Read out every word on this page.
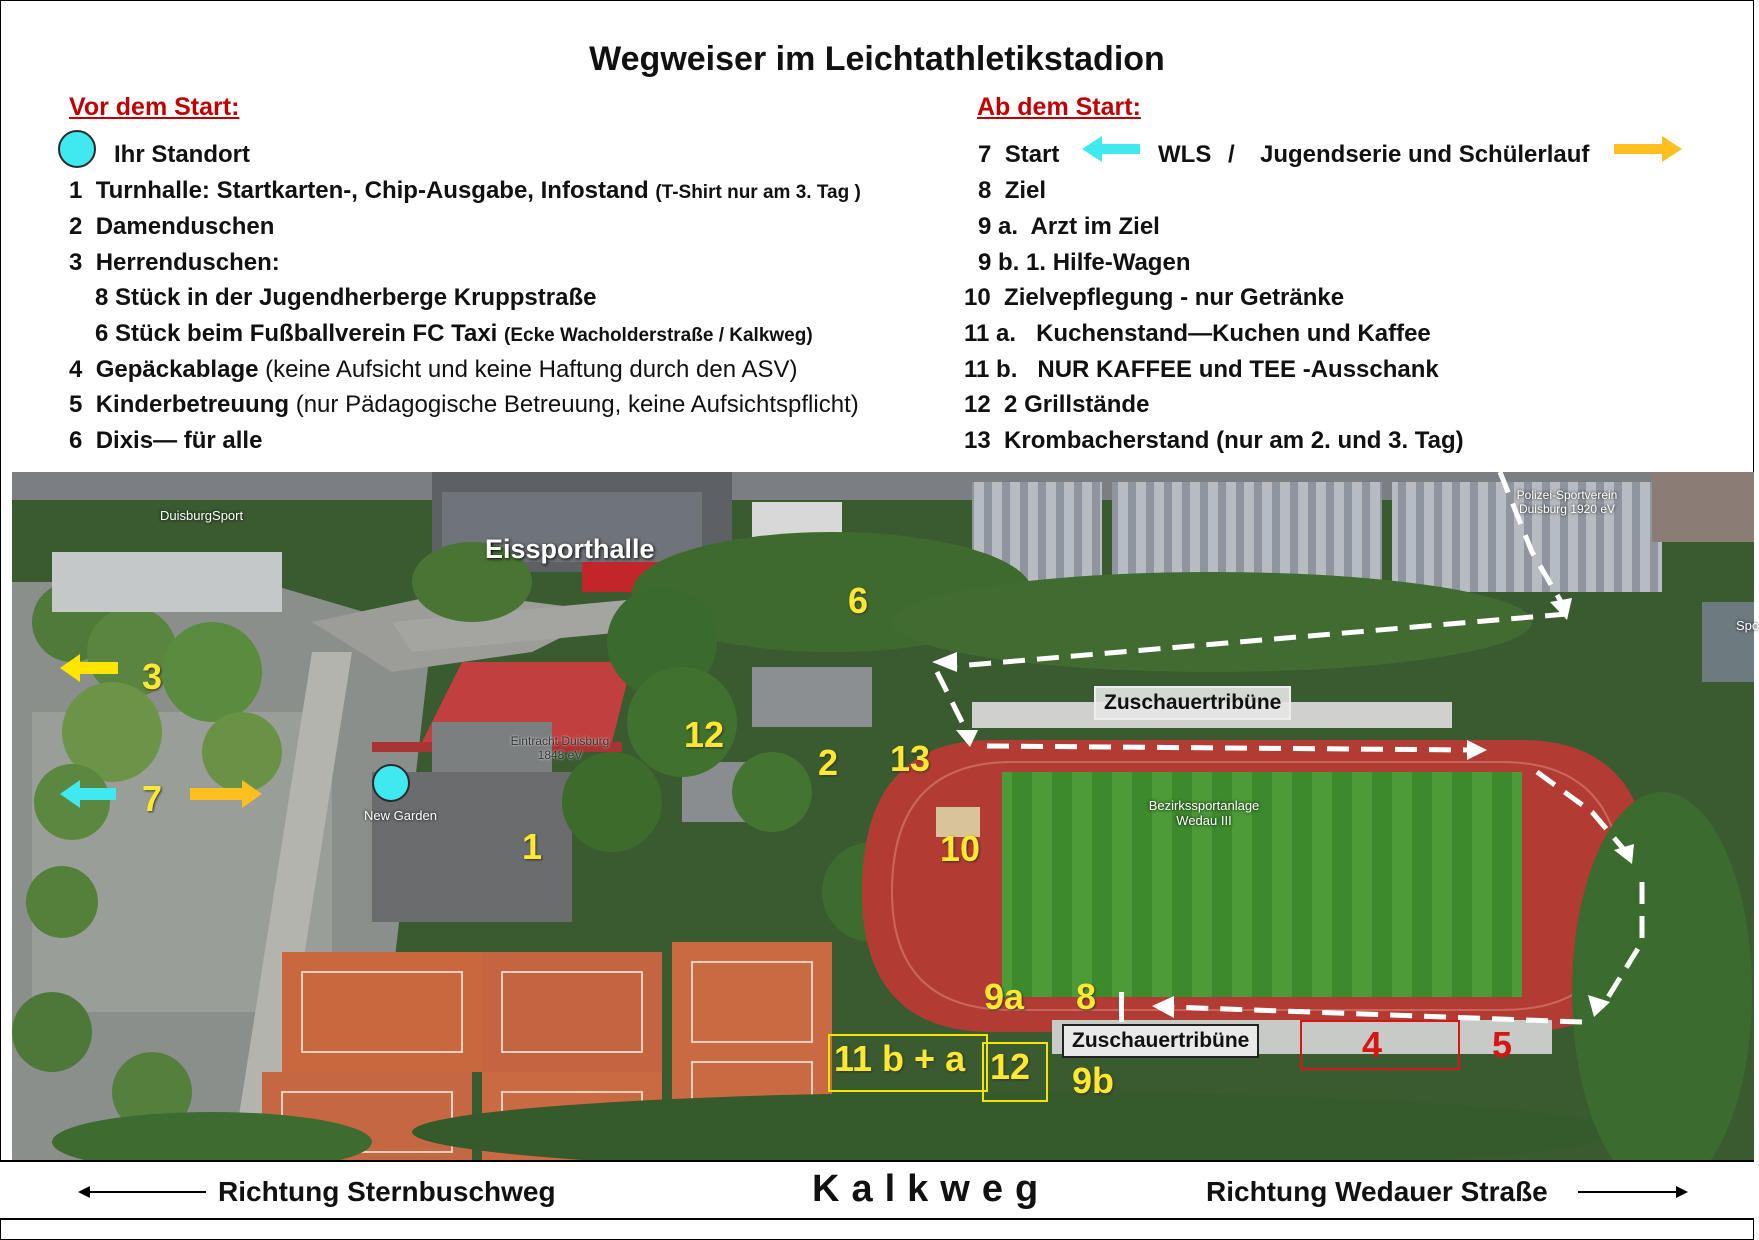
Wegweiser im Leichtathletikstadion
Vor dem Start:
Ihr Standort
1 Turnhalle: Startkarten-, Chip-Ausgabe, Infostand (T-Shirt nur am 3. Tag )
2 Damenduschen
3 Herrenduschen:
8 Stück in der Jugendherberge Kruppstraße
6 Stück beim Fußballverein FC Taxi (Ecke Wacholderstraße / Kalkweg)
4 Gepäckablage (keine Aufsicht und keine Haftung durch den ASV)
5 Kinderbetreuung (nur Pädagogische Betreuung, keine Aufsichtspflicht)
6 Dixis— für alle
Ab dem Start:
7 Start	WLS / Jugendserie und Schülerlauf
8 Ziel
9 a. Arzt im Ziel
9 b. 1. Hilfe-Wagen
10 Zielvepflegung - nur Getränke
11 a. Kuchenstand—Kuchen und Kaffee
11 b. NUR KAFFEE und TEE -Ausschank
12 2 Grillstände
13 Krombacherstand (nur am 2. und 3. Tag)
DuisburgSport
Eintracht Duisburg 1848 eV
New Garden
Bezirkssportanlage Wedau III
Polizei-Sportverein Duisburg 1920 eV
Spo
Eissporthalle
Zuschauertribüne
Zuschauertribüne
6
3
7
12
2 13
1	10
9a 8
11 b + a 12 9b
4	5
Richtung Sternbuschweg	Kalkweg	Richtung Wedauer Straße
